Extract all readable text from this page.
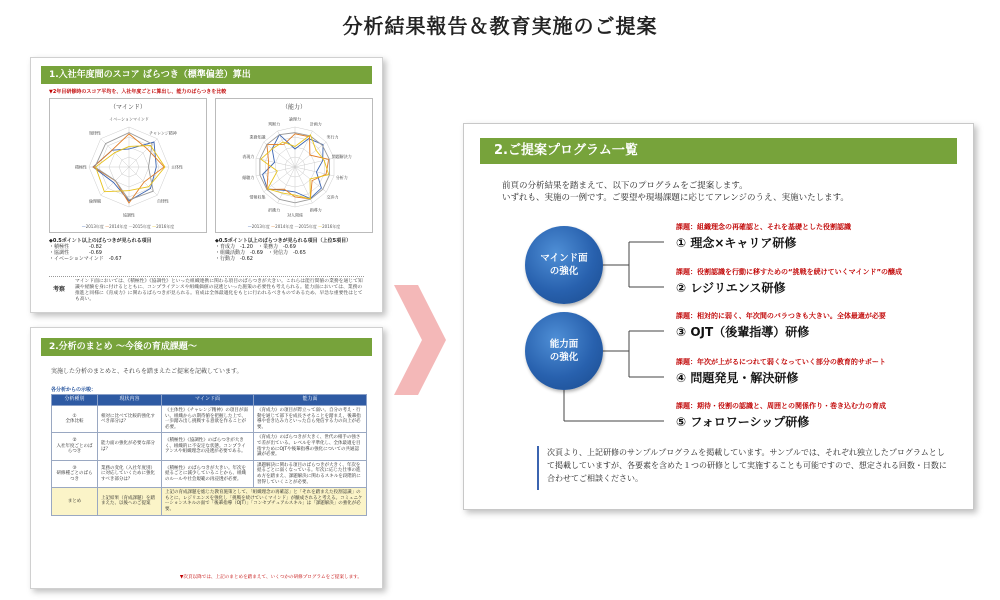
分析結果報告＆教育実施のご提案
1.入社年度間のスコア ばらつき（標準偏差）算出
▼2年目研修時のスコア平均を、入社年度ごとに算出し、能力のばらつきを比較
（マインド）
イベーションマインド
チャレンジ精神
主体性
自律性
協調性
倫理観
積極性
規律性
—2013年度 —2014年度 —2015年度 —2016年度
（能力）
論理力
計画力
実行力
問題解決力
分析力
交渉力
指導力
対人関係
折衝力
情報収集
傾聴力
表現力
業務知識
判断力
—2013年度 —2014年度 —2015年度 —2016年度
◆0.5ポイント以上のばらつきが見られる項目
・積極性　　　　-0.82
・協調性　　　　-0.69
・イベーションマインド　-0.67
◆0.5ポイント以上のばらつきが見られる項目（上位5項目）
・育成力　-1.20　・業務力　-0.69
・組織活動力　-0.69　・発信力　-0.65
・行動力　-0.62
考察
マインド面においては、《積極性》《協調性》といった組織連携に関わる項目のばらつきが大きい。これらは能行間値の業務を通じて知識や経験を身に付けるとともに、コンプライアンスや組織価値の浸透といった施策の必要性も考えられる。能力面においては、業務の推進と同様に《育成力》に関わるばらつきが見られる。育成は全体最適化をもとに行われるべきものであるため、早急な重要性はとても高い。
2.分析のまとめ ～今後の育成課題～
実施した分析のまとめと、それらを踏まえたご提案を記載しています。
各分析からの示唆：
分析種別	現状内容	マインド面	能力面
①
全体比較	相対に比べて比較的強化すべき部分は？	《主体性》《チャレンジ精神》の項目が弱い。組織からの期待値を把握した上で、一歩踏み出し挑戦する意欲を作ることが必要。	《育成力》の項目が際立って弱い。自分の考え・行動を通じて部下を成長させることを踏まえ、後輩指導や巻き込み力といった自ら発信する力の向上が必要。
②
入社年度ごとのばらつき	能力面の強化が必要な部分は？	《積極性》《協調性》のばらつきが大きく、組織的に不安定な状態。コンプライアンスや組織理念の浸透が必要である。	《育成力》のばらつきが大きく、世代の相手の強さで差が出ている。レベルを平準化し、全体最適を目指すためにOJTや後輩指導の強化についての共通認識が必要。
③
研修種ごとのばらつき	業務の変化（入社年度別）に対応していくために強化すべき部分は？	《積極性》のばらつきが大きい。年次を経るごとに減少していることから、組織のルールや社会規範の再浸透が必要。	課題解決に関わる項目のばらつきが大きく、年次を経るごとに弱くなっている。年次に応じた仕事の進め方を踏まえ、課題解決に関わるスキルを段階的に習得していくことが必要。
まとめ	上記結果（育成課題）を踏まえた、以後へのご提案	上記の育成課題を総じた教育施策として、「組織理念の再確認」と「それを踏まえた役割認識」のもとに、レジリエンスを強化し「挑戦を続けていくマインド」が醸成されると考える。コミュニケーションスキルの面で「後輩指導（OJT）」「コンセプチュアルスキル」は「課題解決」の強化が必要。	
▼次頁以降では、上記のまとめを踏まえて、いくつかの研修プログラムをご提案します。
2.ご提案プログラム一覧
前頁の分析結果を踏まえて、以下のプログラムをご提案します。
いずれも、実施の一例です。ご要望や現場課題に応じてアレンジのうえ、実施いたします。
マインド面
の強化
能力面
の強化
課題：組織理念の再確認と、それを基礎とした役割認識
① 理念×キャリア研修
課題：役割認識を行動に移すための“挑戦を続けていくマインド”の醸成
② レジリエンス研修
課題：相対的に弱く、年次間のバラつきも大きい。全体最適が必要
③ OJT（後輩指導）研修
課題：年次が上がるにつれて弱くなっていく部分の教育的サポート
④ 問題発見・解決研修
課題：期待・役割の認識と、周囲との関係作り・巻き込む力の育成
⑤ フォロワーシップ研修
次頁より、上記研修のサンプルプログラムを掲載しています。サンプルでは、それぞれ独立したプログラムとして掲載していますが、各要素を含めた１つの研修として実施することも可能ですので、想定される回数・日数に合わせてご相談ください。
